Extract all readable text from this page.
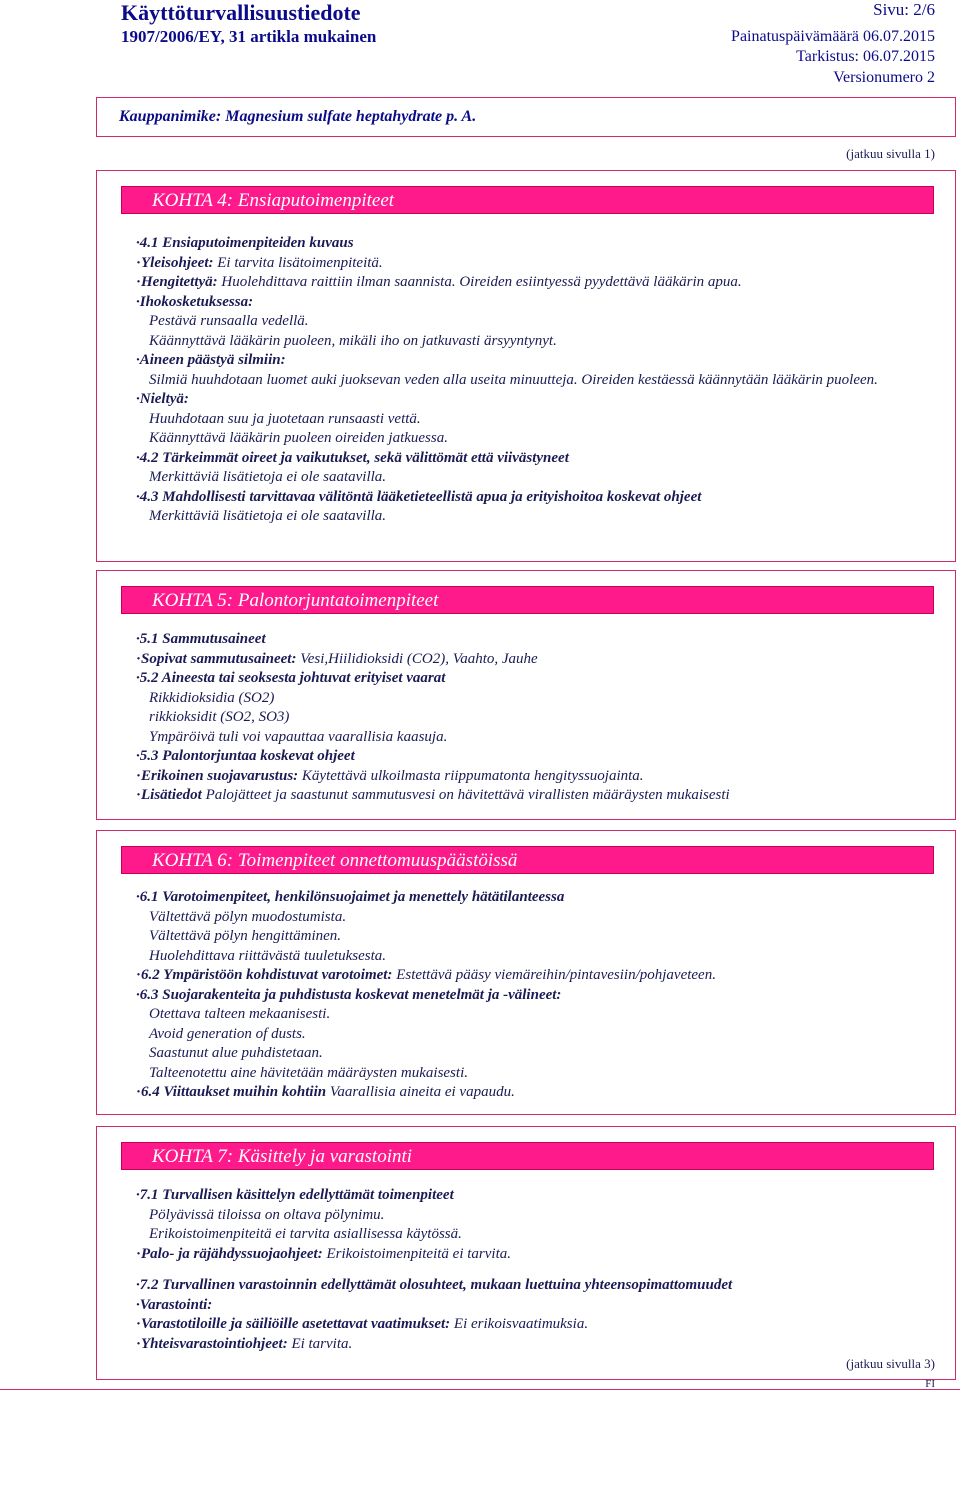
Käyttöturvallisuustiedote
1907/2006/EY, 31 artikla mukainen
Sivu: 2/6
Painatuspäivämäärä 06.07.2015
Tarkistus: 06.07.2015
Versionumero 2
Kauppanimike: Magnesium sulfate heptahydrate p. A.
(jatkuu sivulla 1)
KOHTA 4: Ensiaputoimenpiteet
· 4.1 Ensiaputoimenpiteiden kuvaus
· Yleisohjeet: Ei tarvita lisätoimenpiteitä.
· Hengitettyä: Huolehdittava raittiin ilman saannista. Oireiden esiintyessä pyydettävä lääkärin apua.
· Ihokosketuksessa:
Pestävä runsaalla vedellä.
Käännyttävä lääkärin puoleen, mikäli iho on jatkuvasti ärsyyntynyt.
· Aineen päästyä silmiin:
Silmiä huuhdotaan luomet auki juoksevan veden alla useita minuutteja. Oireiden kestäessä käännytään lääkärin puoleen.
· Nieltyä:
Huuhdotaan suu ja juotetaan runsaasti vettä.
Käännyttävä lääkärin puoleen oireiden jatkuessa.
· 4.2 Tärkeimmät oireet ja vaikutukset, sekä välittömät että viivästyneet
Merkittäviä lisätietoja ei ole saatavilla.
· 4.3 Mahdollisesti tarvittavaa välitöntä lääketieteellistä apua ja erityishoitoa koskevat ohjeet
Merkittäviä lisätietoja ei ole saatavilla.
KOHTA 5: Palontorjuntatoimenpiteet
· 5.1 Sammutusaineet
· Sopivat sammutusaineet: Vesi,Hiilidioksidi (CO2), Vaahto, Jauhe
· 5.2 Aineesta tai seoksesta johtuvat erityiset vaarat
Rikkidioksidia (SO2)
rikkioksidit (SO2, SO3)
Ympäröivä tuli voi vapauttaa vaarallisia kaasuja.
· 5.3 Palontorjuntaa koskevat ohjeet
· Erikoinen suojavarustus: Käytettävä ulkoilmasta riippumatonta hengityssuojainta.
· Lisätiedot Palojätteet ja saastunut sammutusvesi on hävitettävä virallisten määräysten mukaisesti
KOHTA 6: Toimenpiteet onnettomuuspäästöissä
· 6.1 Varotoimenpiteet, henkilönsuojaimet ja menettely hätätilanteessa
Vältettävä pölyn muodostumista.
Vältettävä pölyn hengittäminen.
Huolehdittava riittävästä tuuletuksesta.
· 6.2 Ympäristöön kohdistuvat varotoimet: Estettävä pääsy viemäreihin/pintavesiin/pohjaveteen.
· 6.3 Suojarakenteita ja puhdistusta koskevat menetelmät ja -välineet:
Otettava talteen mekaanisesti.
Avoid generation of dusts.
Saastunut alue puhdistetaan.
Talteenotettu aine hävitetään määräysten mukaisesti.
· 6.4 Viittaukset muihin kohtiin Vaarallisia aineita ei vapaudu.
KOHTA 7: Käsittely ja varastointi
· 7.1 Turvallisen käsittelyn edellyttämät toimenpiteet
Pölyävissä tiloissa on oltava pölynimu.
Erikoistoimenpiteitä ei tarvita asiallisessa käytössä.
· Palo- ja räjähdyssuojaohjeet: Erikoistoimenpiteitä ei tarvita.
· 7.2 Turvallinen varastoinnin edellyttämät olosuhteet, mukaan luettuina yhteensopimattomuudet
· Varastointi:
· Varastotiloille ja säiliöille asetettavat vaatimukset: Ei erikoisvaatimuksia.
· Yhteisvarastointiohjeet: Ei tarvita.
(jatkuu sivulla 3)
FI
